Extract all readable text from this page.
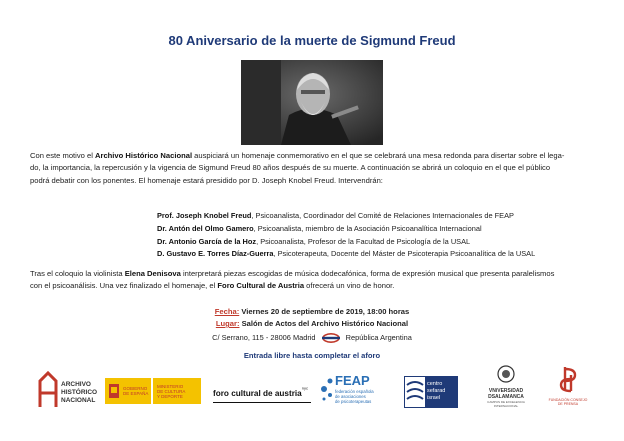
80 Aniversario de la muerte de Sigmund Freud
Con este motivo el Archivo Histórico Nacional auspiciará un homenaje conmemorativo en el que se celebrará una mesa redonda para disertar sobre el lega-
do, la importancia, la repercusión y la vigencia de Sigmund Freud 80 años después de su muerte. A continuación se abrirá un coloquio en el que el público
podrá debatir con los ponentes. El homenaje estará presidido por D. Joseph Knobel Freud. Intervendrán:
Prof. Joseph Knobel Freud, Psicoanalista, Coordinador del Comité de Relaciones Internacionales de FEAP
Dr. Antón del Olmo Gamero, Psicoanalista, miembro de la Asociación Psicoanalítica Internacional
Dr. Antonio García de la Hoz, Psicoanalista, Profesor de la Facultad de Psicología de la USAL
D. Gustavo E. Torres Díaz-Guerra, Psicoterapeuta, Docente del Máster de Psicoterapia Psicoanalítica de la USAL
Tras el coloquio la violinista Elena Denisova interpretará piezas escogidas de música dodecafónica, forma de expresión musical que presenta paralelismos
con el psicoanálisis. Una vez finalizado el homenaje, el Foro Cultural de Austria ofrecerá un vino de honor.
Fecha: Viernes 20 de septiembre de 2019, 18:00 horas
Lugar: Salón de Actos del Archivo Histórico Nacional
C/ Serrano, 115 - 28006 Madrid	República Argentina
Entrada libre hasta completar el aforo
ARCHIVO
HISTÓRICO
NACIONAL
GOBIERNO
DE ESPAÑA
MINISTERIO
DE CULTURA
Y DEPORTE	foro cultural de austria$^{nyc}$
FEAP
federación española
de asociaciones
de psicoterapeutas
centro
sefarad
israel
VNiVERSiDAD
DSALAMANCA
CAMPUS DE EXCELENCIA INTERNACIONAL
FUNDACIÓN CONSEJO DE PRENSA
